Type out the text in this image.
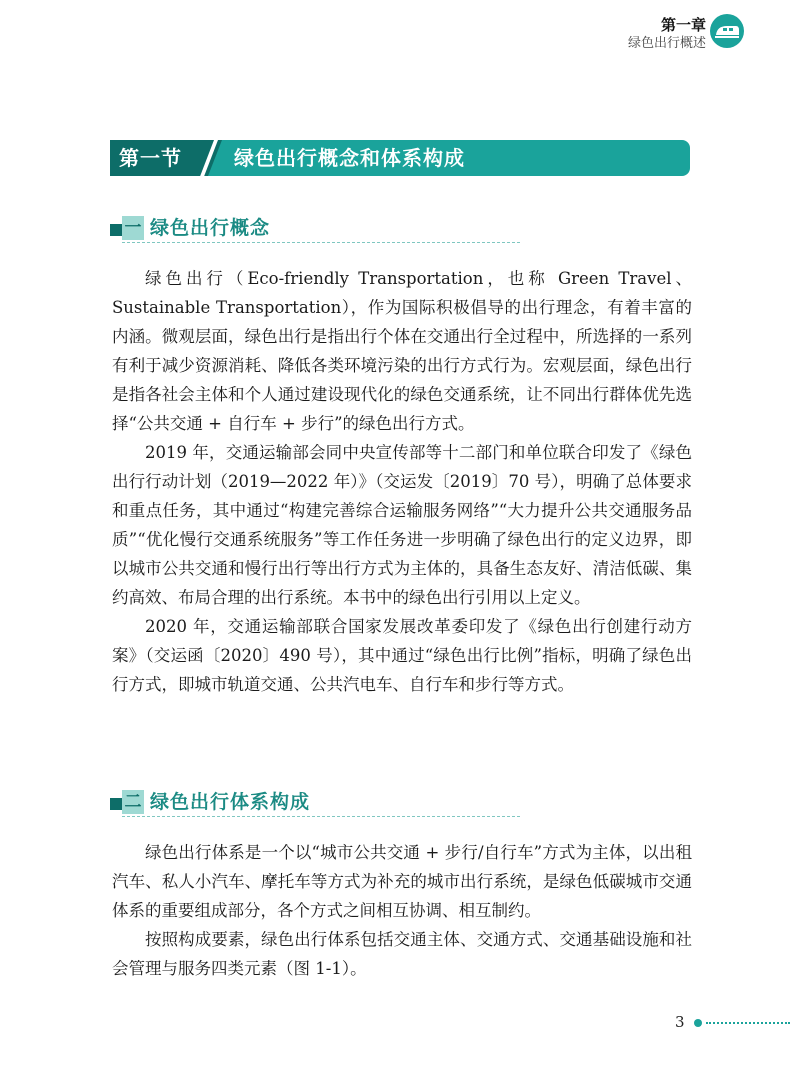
第一章
绿色出行概述
第一节	绿色出行概念和体系构成
一 绿色出行概念

绿色出行（Eco-friendly Transportation，也称 Green Travel、Sustainable Transportation），作为国际积极倡导的出行理念，有着丰富的内涵。微观层面，绿色出行是指出行个体在交通出行全过程中，所选择的一系列有利于减少资源消耗、降低各类环境污染的出行方式行为。宏观层面，绿色出行是指各社会主体和个人通过建设现代化的绿色交通系统，让不同出行群体优先选择“公共交通 + 自行车 + 步行”的绿色出行方式。

2019 年，交通运输部会同中央宣传部等十二部门和单位联合印发了《绿色出行行动计划（2019—2022 年）》（交运发〔2019〕70 号），明确了总体要求和重点任务，其中通过“构建完善综合运输服务网络”“大力提升公共交通服务品质”“优化慢行交通系统服务”等工作任务进一步明确了绿色出行的定义边界，即以城市公共交通和慢行出行等出行方式为主体的，具备生态友好、清洁低碳、集约高效、布局合理的出行系统。本书中的绿色出行引用以上定义。

2020 年，交通运输部联合国家发展改革委印发了《绿色出行创建行动方案》（交运函〔2020〕490 号），其中通过“绿色出行比例”指标，明确了绿色出行方式，即城市轨道交通、公共汽电车、自行车和步行等方式。

二 绿色出行体系构成

绿色出行体系是一个以“城市公共交通 + 步行/自行车”方式为主体，以出租汽车、私人小汽车、摩托车等方式为补充的城市出行系统，是绿色低碳城市交通体系的重要组成部分，各个方式之间相互协调、相互制约。

按照构成要素，绿色出行体系包括交通主体、交通方式、交通基础设施和社会管理与服务四类元素（图 1-1）。

3
